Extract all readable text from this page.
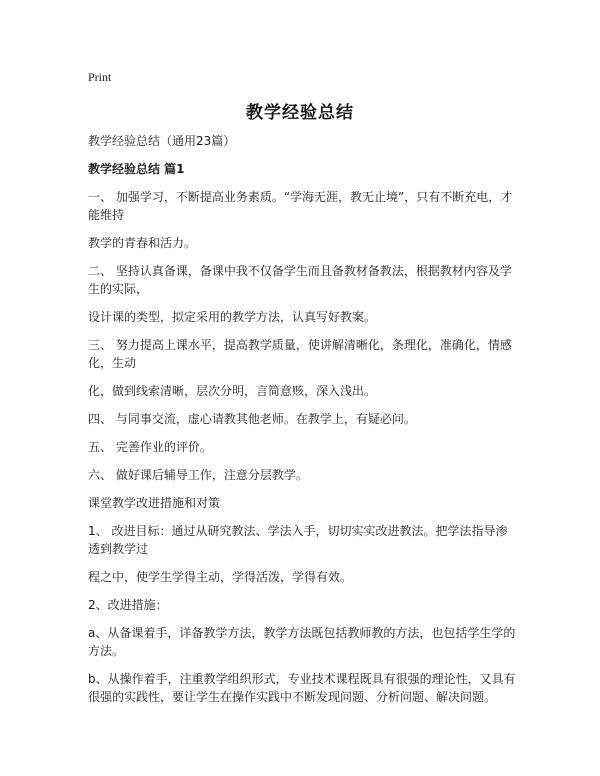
Print
教学经验总结

教学经验总结（通用23篇）

教学经验总结 篇1

一、 加强学习，不断提高业务素质。“学海无涯，教无止境”，只有不断充电，才能维持

教学的青春和活力。

二、 坚持认真备课，备课中我不仅备学生而且备教材备教法，根据教材内容及学生的实际，

设计课的类型，拟定采用的教学方法，认真写好教案。

三、 努力提高上课水平，提高教学质量，使讲解清晰化，条理化，准确化，情感化，生动

化，做到线索清晰，层次分明，言简意赅，深入浅出。

四、 与同事交流，虚心请教其他老师。在教学上，有疑必问。

五、 完善作业的评价。

六、 做好课后辅导工作，注意分层教学。

课堂教学改进措施和对策

1、 改进目标：通过从研究教法、学法入手，切切实实改进教法。把学法指导渗透到教学过

程之中，使学生学得主动，学得活泼，学得有效。

2、改进措施：

a、从备课着手，详备教学方法，教学方法既包括教师教的方法，也包括学生学的方法。

b、从操作着手，注重教学组织形式，专业技术课程既具有很强的理论性，又具有很强的实践性，要让学生在操作实践中不断发现问题、分析问题、解决问题。
